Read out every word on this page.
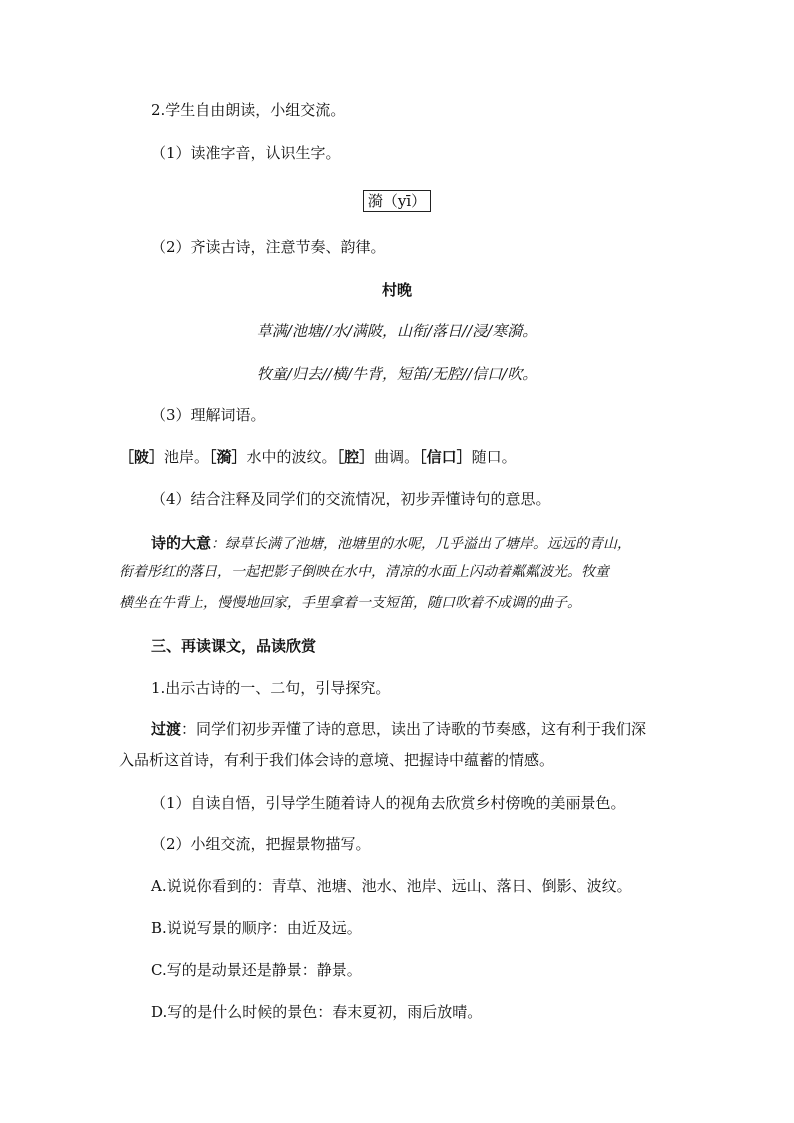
2.学生自由朗读，小组交流。
（1）读准字音，认识生字。
漪（yī）
（2）齐读古诗，注意节奏、韵律。
村晚
草满/池塘//水/满陂，山衔/落日//浸/寒漪。
牧童/归去//横/牛背，短笛/无腔//信口/吹。
（3）理解词语。
［陂］池岸。［漪］水中的波纹。［腔］曲调。［信口］随口。
（4）结合注释及同学们的交流情况，初步弄懂诗句的意思。
诗的大意：绿草长满了池塘，池塘里的水呢，几乎溢出了塘岸。远远的青山，
衔着彤红的落日，一起把影子倒映在水中，清凉的水面上闪动着粼粼波光。牧童
横坐在牛背上，慢慢地回家，手里拿着一支短笛，随口吹着不成调的曲子。
三、再读课文，品读欣赏
1.出示古诗的一、二句，引导探究。
过渡：同学们初步弄懂了诗的意思，读出了诗歌的节奏感，这有利于我们深
入品析这首诗，有利于我们体会诗的意境、把握诗中蕴蓄的情感。
（1）自读自悟，引导学生随着诗人的视角去欣赏乡村傍晚的美丽景色。
（2）小组交流，把握景物描写。
A.说说你看到的：青草、池塘、池水、池岸、远山、落日、倒影、波纹。
B.说说写景的顺序：由近及远。
C.写的是动景还是静景：静景。
D.写的是什么时候的景色：春末夏初，雨后放晴。
